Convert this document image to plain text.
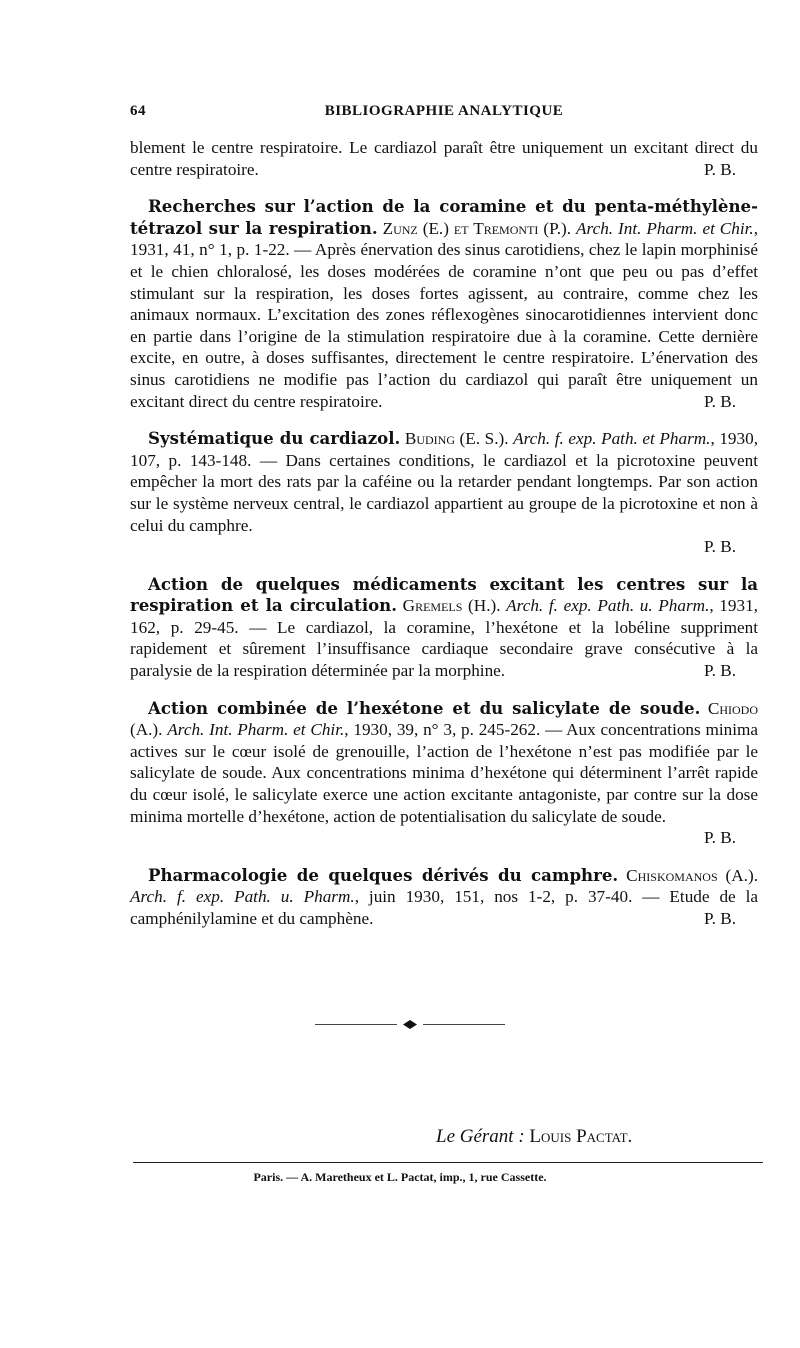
64	BIBLIOGRAPHIE ANALYTIQUE

blement le centre respiratoire. Le cardiazol paraît être uniquement un excitant direct du centre respiratoire.	P. B.

Recherches sur l’action de la coramine et du penta-méthylène-tétrazol sur la respiration. Zunz (E.) et Tremonti (P.). Arch. Int. Pharm. et Chir., 1931, 41, n° 1, p. 1-22. — Après énervation des sinus carotidiens, chez le lapin morphinisé et le chien chloralosé, les doses modérées de coramine n’ont que peu ou pas d’effet stimulant sur la respiration, les doses fortes agissent, au contraire, comme chez les animaux normaux. L’excitation des zones réflexogènes sinocarotidiennes intervient donc en partie dans l’origine de la stimulation respiratoire due à la coramine. Cette dernière excite, en outre, à doses suffisantes, directement le centre respiratoire. L’énervation des sinus carotidiens ne modifie pas l’action du cardiazol qui paraît être uniquement un excitant direct du centre respiratoire.	P. B.

Systématique du cardiazol. Buding (E. S.). Arch. f. exp. Path. et Pharm., 1930, 107, p. 143-148. — Dans certaines conditions, le cardiazol et la picrotoxine peuvent empêcher la mort des rats par la caféine ou la retarder pendant longtemps. Par son action sur le système nerveux central, le cardiazol appartient au groupe de la picrotoxine et non à celui du camphre.

P. B.

Action de quelques médicaments excitant les centres sur la respiration et la circulation. Gremels (H.). Arch. f. exp. Path. u. Pharm., 1931, 162, p. 29-45. — Le cardiazol, la coramine, l’hexétone et la lobéline suppriment rapidement et sûrement l’insuffisance cardiaque secondaire grave consécutive à la paralysie de la respiration déterminée par la morphine.	P. B.

Action combinée de l’hexétone et du salicylate de soude. Chiodo (A.). Arch. Int. Pharm. et Chir., 1930, 39, n° 3, p. 245-262. — Aux concentrations minima actives sur le cœur isolé de grenouille, l’action de l’hexétone n’est pas modifiée par le salicylate de soude. Aux concentrations minima d’hexétone qui déterminent l’arrêt rapide du cœur isolé, le salicylate exerce une action excitante antagoniste, par contre sur la dose minima mortelle d’hexétone, action de potentialisation du salicylate de soude.

P. B.

Pharmacologie de quelques dérivés du camphre. Chiskomanos (A.). Arch. f. exp. Path. u. Pharm., juin 1930, 151, nos 1-2, p. 37-40. — Etude de la camphénilylamine et du camphène.	P. B.

Le Gérant : Louis Pactat.
Paris. — A. Maretheux et L. Pactat, imp., 1, rue Cassette.
